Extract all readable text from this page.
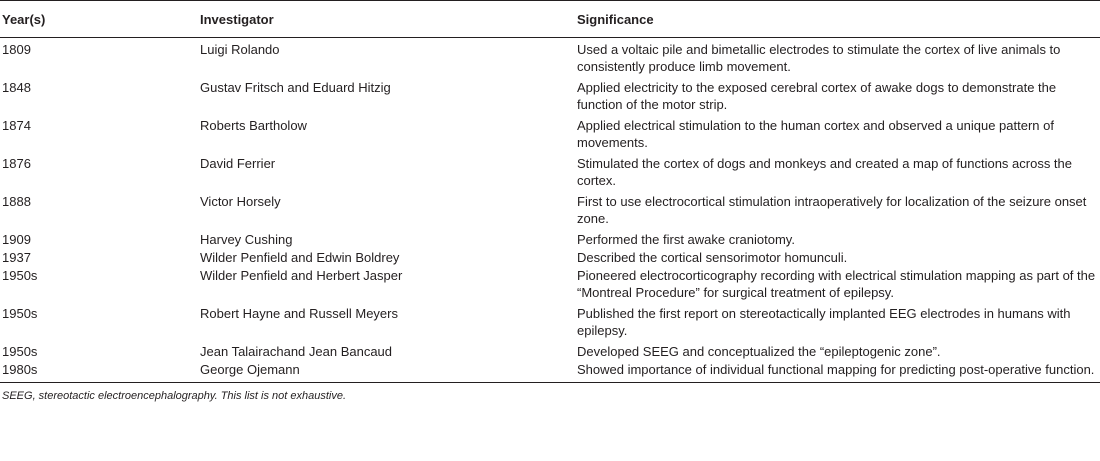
Year(s)	Investigator	Significance
1809	Luigi Rolando	Used a voltaic pile and bimetallic electrodes to stimulate the cortex of live animals to consistently produce limb movement.
1848	Gustav Fritsch and Eduard Hitzig	Applied electricity to the exposed cerebral cortex of awake dogs to demonstrate the function of the motor strip.
1874	Roberts Bartholow	Applied electrical stimulation to the human cortex and observed a unique pattern of movements.
1876	David Ferrier	Stimulated the cortex of dogs and monkeys and created a map of functions across the cortex.
1888	Victor Horsely	First to use electrocortical stimulation intraoperatively for localization of the seizure onset zone.
1909	Harvey Cushing	Performed the first awake craniotomy.
1937	Wilder Penfield and Edwin Boldrey	Described the cortical sensorimotor homunculi.
1950s	Wilder Penfield and Herbert Jasper	Pioneered electrocorticography recording with electrical stimulation mapping as part of the “Montreal Procedure” for surgical treatment of epilepsy.
1950s	Robert Hayne and Russell Meyers	Published the first report on stereotactically implanted EEG electrodes in humans with epilepsy.
1950s	Jean Talairachand Jean Bancaud	Developed SEEG and conceptualized the “epileptogenic zone”.
1980s	George Ojemann	Showed importance of individual functional mapping for predicting post-operative function.
SEEG, stereotactic electroencephalography. This list is not exhaustive.
